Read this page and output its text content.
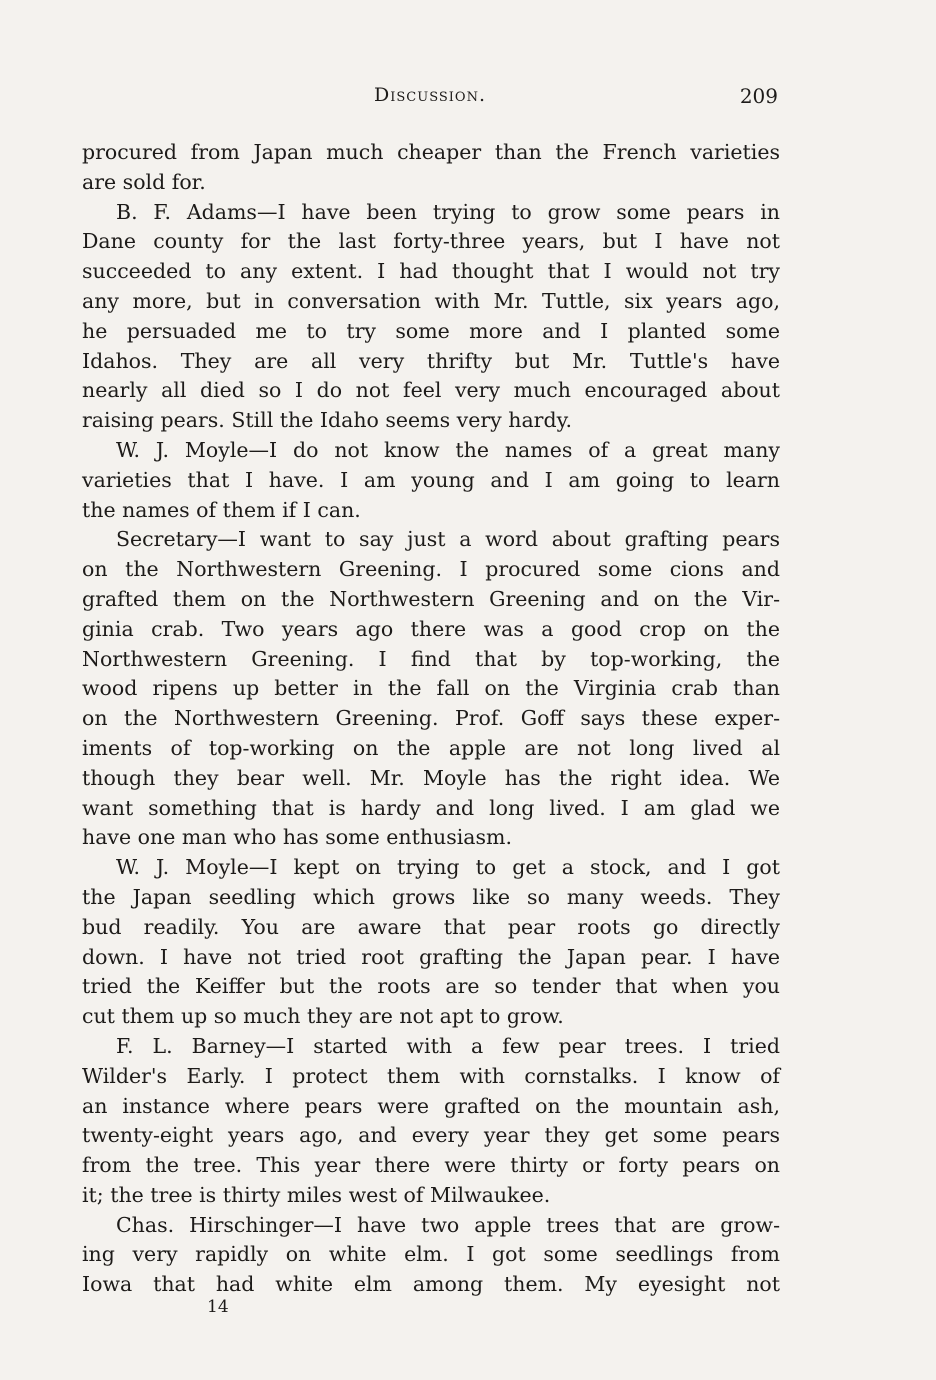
Discussion.	209

procured from Japan much cheaper than the French varieties
are sold for.

B. F. Adams—I have been trying to grow some pears in
Dane county for the last forty-three years, but I have not
succeeded to any extent. I had thought that I would not try
any more, but in conversation with Mr. Tuttle, six years ago,
he persuaded me to try some more and I planted some
Idahos. They are all very thrifty but Mr. Tuttle's have
nearly all died so I do not feel very much encouraged about
raising pears. Still the Idaho seems very hardy.

W. J. Moyle—I do not know the names of a great many
varieties that I have. I am young and I am going to learn
the names of them if I can.

Secretary—I want to say just a word about grafting pears
on the Northwestern Greening. I procured some cions and
grafted them on the Northwestern Greening and on the Vir-
ginia crab. Two years ago there was a good crop on the
Northwestern Greening. I find that by top-working, the
wood ripens up better in the fall on the Virginia crab than
on the Northwestern Greening. Prof. Goff says these exper-
iments of top-working on the apple are not long lived al
though they bear well. Mr. Moyle has the right idea. We
want something that is hardy and long lived. I am glad we
have one man who has some enthusiasm.

W. J. Moyle—I kept on trying to get a stock, and I got
the Japan seedling which grows like so many weeds. They
bud readily. You are aware that pear roots go directly
down. I have not tried root grafting the Japan pear. I have
tried the Keiffer but the roots are so tender that when you
cut them up so much they are not apt to grow.

F. L. Barney—I started with a few pear trees. I tried
Wilder's Early. I protect them with cornstalks. I know of
an instance where pears were grafted on the mountain ash,
twenty-eight years ago, and every year they get some pears
from the tree. This year there were thirty or forty pears on
it; the tree is thirty miles west of Milwaukee.

Chas. Hirschinger—I have two apple trees that are grow-
ing very rapidly on white elm. I got some seedlings from
Iowa that had white elm among them. My eyesight not

14
